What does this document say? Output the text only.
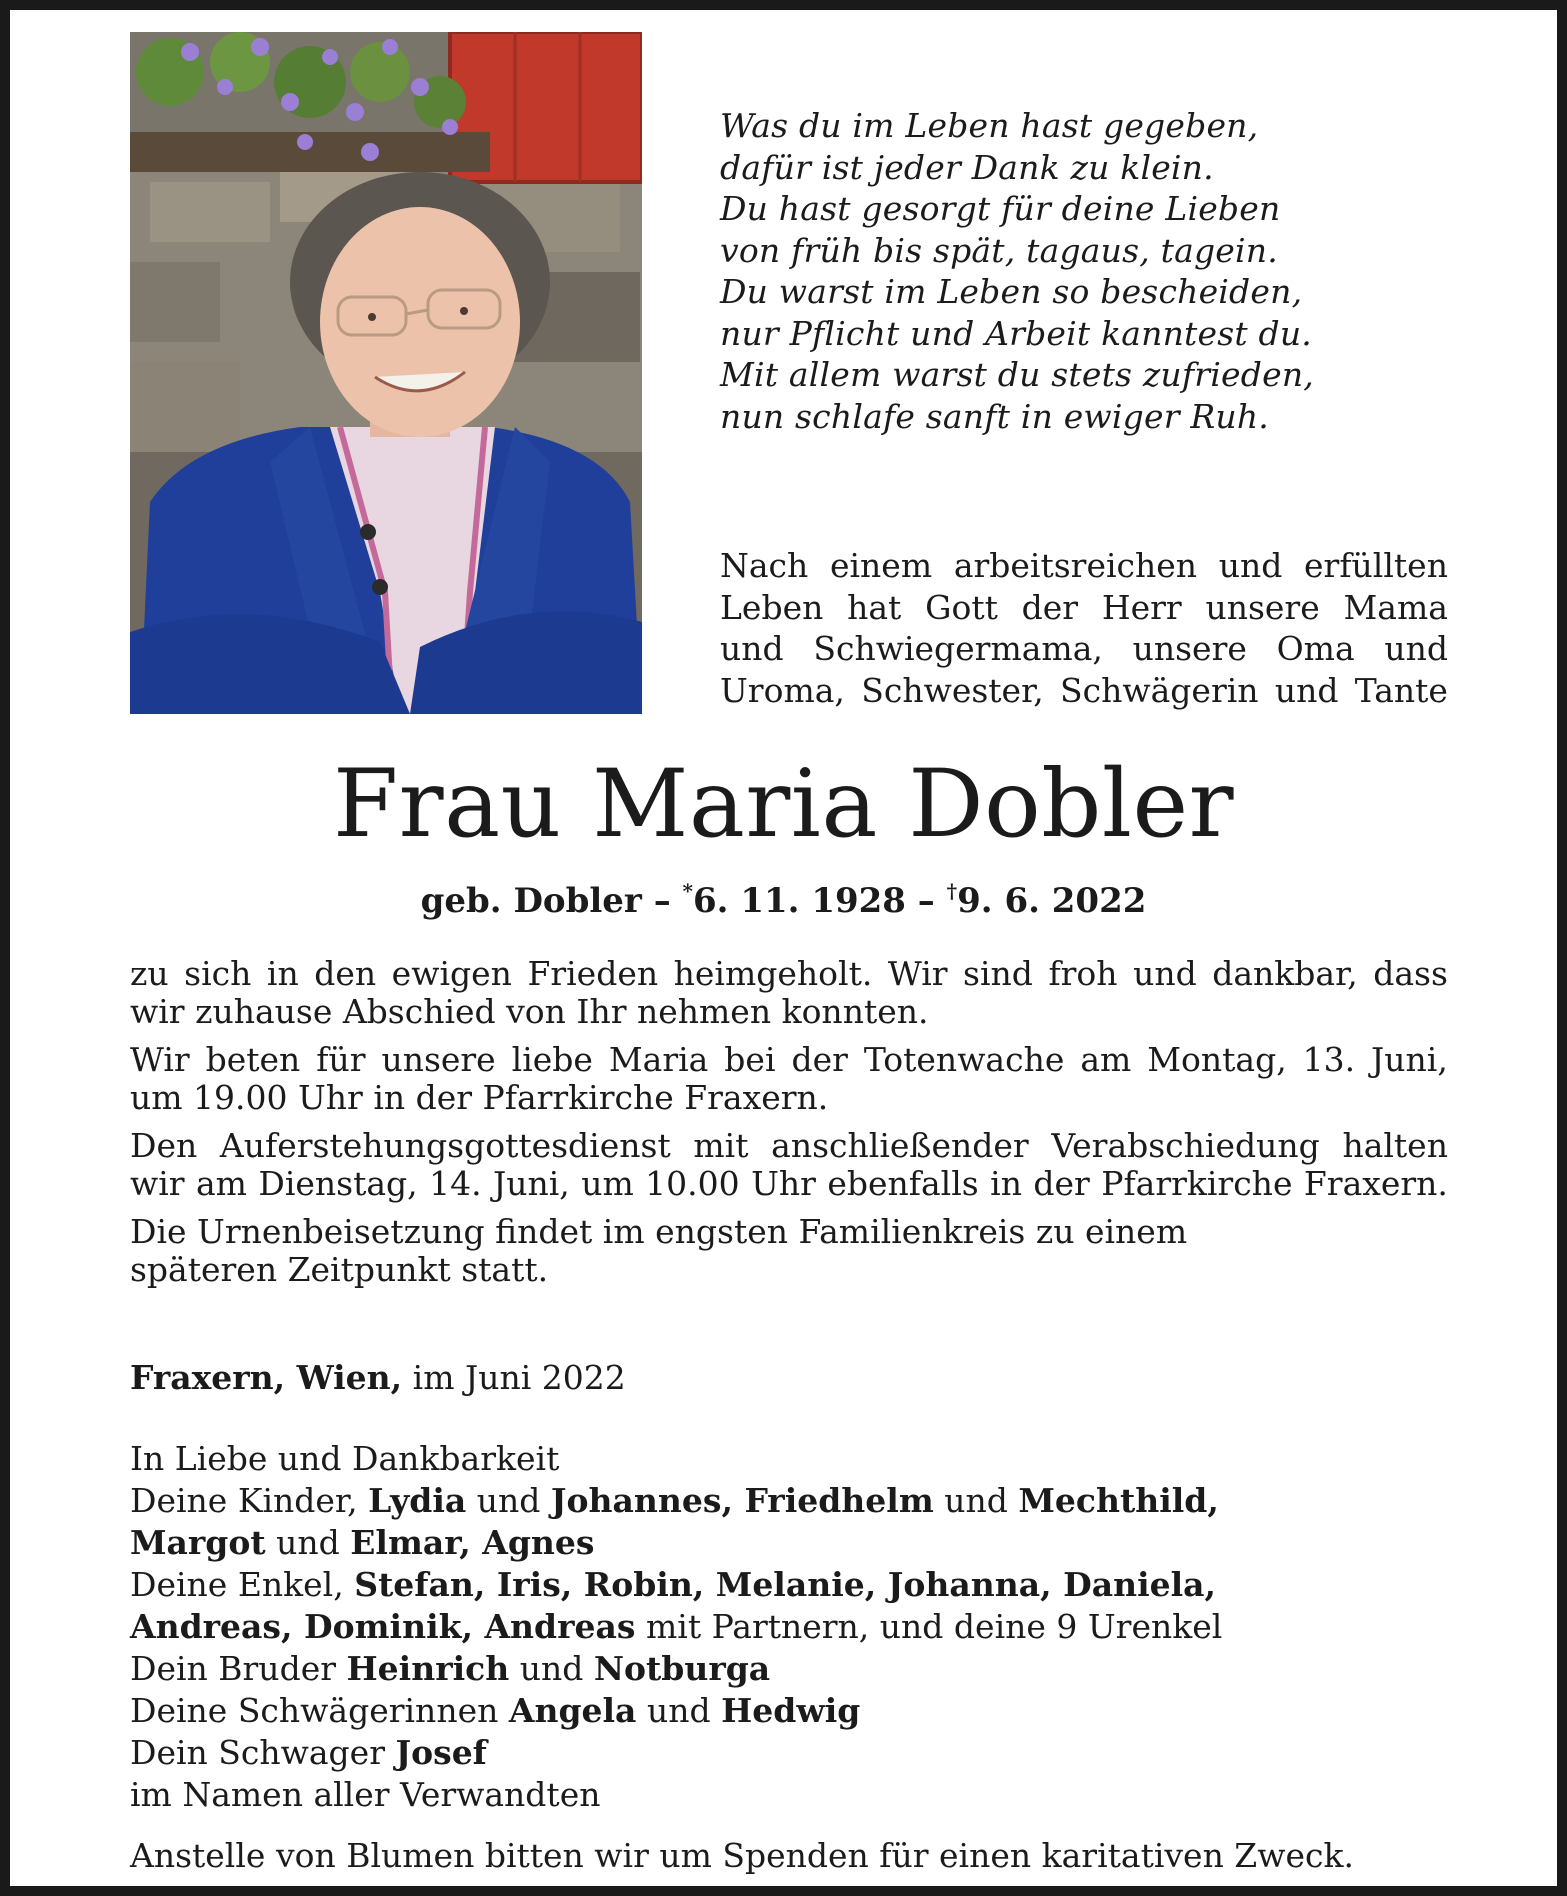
Was du im Leben hast gegeben,
dafür ist jeder Dank zu klein.
Du hast gesorgt für deine Lieben
von früh bis spät, tagaus, tagein.
Du warst im Leben so bescheiden,
nur Pflicht und Arbeit kanntest du.
Mit allem warst du stets zufrieden,
nun schlafe sanft in ewiger Ruh.
Nach einem arbeitsreichen und erfüllten
Leben hat Gott der Herr unsere Mama
und Schwiegermama, unsere Oma und
Uroma, Schwester, Schwägerin und Tante
Frau Maria Dobler
geb. Dobler – *6. 11. 1928 – †9. 6. 2022
zu sich in den ewigen Frieden heimgeholt. Wir sind froh und dankbar, dass
wir zuhause Abschied von Ihr nehmen konnten.
Wir beten für unsere liebe Maria bei der Totenwache am Montag, 13. Juni,
um 19.00 Uhr in der Pfarrkirche Fraxern.
Den Auferstehungsgottesdienst mit anschließender Verabschiedung halten
wir am Dienstag, 14. Juni, um 10.00 Uhr ebenfalls in der Pfarrkirche Fraxern.
Die Urnenbeisetzung findet im engsten Familienkreis zu einem
späteren Zeitpunkt statt.
Fraxern, Wien, im Juni 2022
In Liebe und Dankbarkeit
Deine Kinder, Lydia und Johannes, Friedhelm und Mechthild,
Margot und Elmar, Agnes
Deine Enkel, Stefan, Iris, Robin, Melanie, Johanna, Daniela,
Andreas, Dominik, Andreas mit Partnern, und deine 9 Urenkel
Dein Bruder Heinrich und Notburga
Deine Schwägerinnen Angela und Hedwig
Dein Schwager Josef
im Namen aller Verwandten
Anstelle von Blumen bitten wir um Spenden für einen karitativen Zweck.
